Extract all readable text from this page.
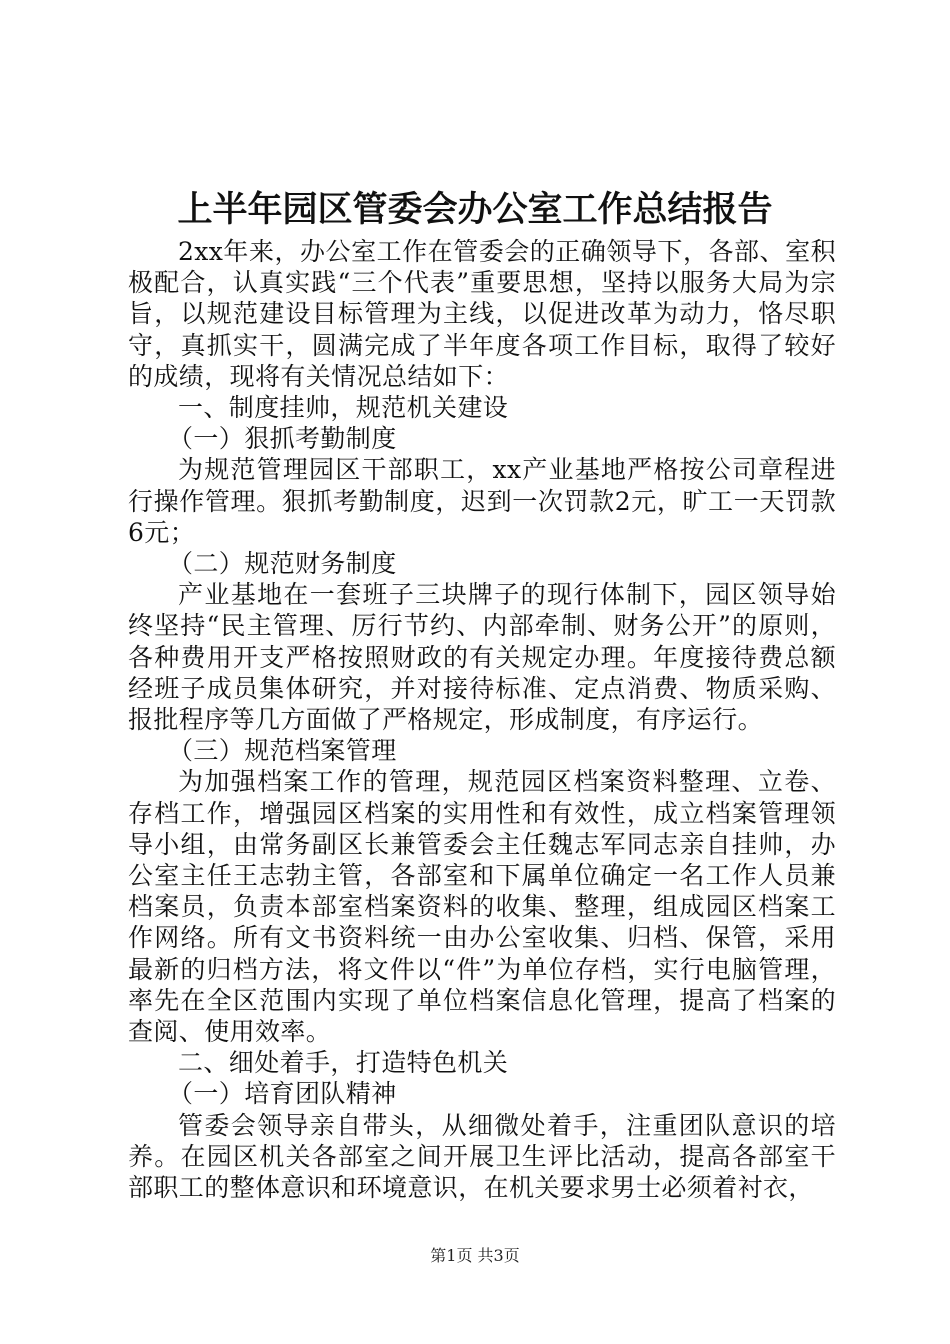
上半年园区管委会办公室工作总结报告

2xx年来，办公室工作在管委会的正确领导下，各部、室积极配合，认真实践“三个代表”重要思想，坚持以服务大局为宗旨，以规范建设目标管理为主线，以促进改革为动力，恪尽职守，真抓实干，圆满完成了半年度各项工作目标，取得了较好的成绩，现将有关情况总结如下：

一、制度挂帅，规范机关建设

（一）狠抓考勤制度

为规范管理园区干部职工，xx产业基地严格按公司章程进行操作管理。狠抓考勤制度，迟到一次罚款2元，旷工一天罚款6元；

（二）规范财务制度

产业基地在一套班子三块牌子的现行体制下，园区领导始终坚持“民主管理、厉行节约、内部牵制、财务公开”的原则，各种费用开支严格按照财政的有关规定办理。年度接待费总额经班子成员集体研究，并对接待标准、定点消费、物质采购、报批程序等几方面做了严格规定，形成制度，有序运行。

（三）规范档案管理

为加强档案工作的管理，规范园区档案资料整理、立卷、存档工作，增强园区档案的实用性和有效性，成立档案管理领导小组，由常务副区长兼管委会主任魏志军同志亲自挂帅，办公室主任王志勃主管，各部室和下属单位确定一名工作人员兼档案员，负责本部室档案资料的收集、整理，组成园区档案工作网络。所有文书资料统一由办公室收集、归档、保管，采用最新的归档方法，将文件以“件”为单位存档，实行电脑管理，率先在全区范围内实现了单位档案信息化管理，提高了档案的查阅、使用效率。

二、细处着手，打造特色机关

（一）培育团队精神

管委会领导亲自带头，从细微处着手，注重团队意识的培养。在园区机关各部室之间开展卫生评比活动，提高各部室干部职工的整体意识和环境意识，在机关要求男士必须着衬衣，

第1页 共3页
